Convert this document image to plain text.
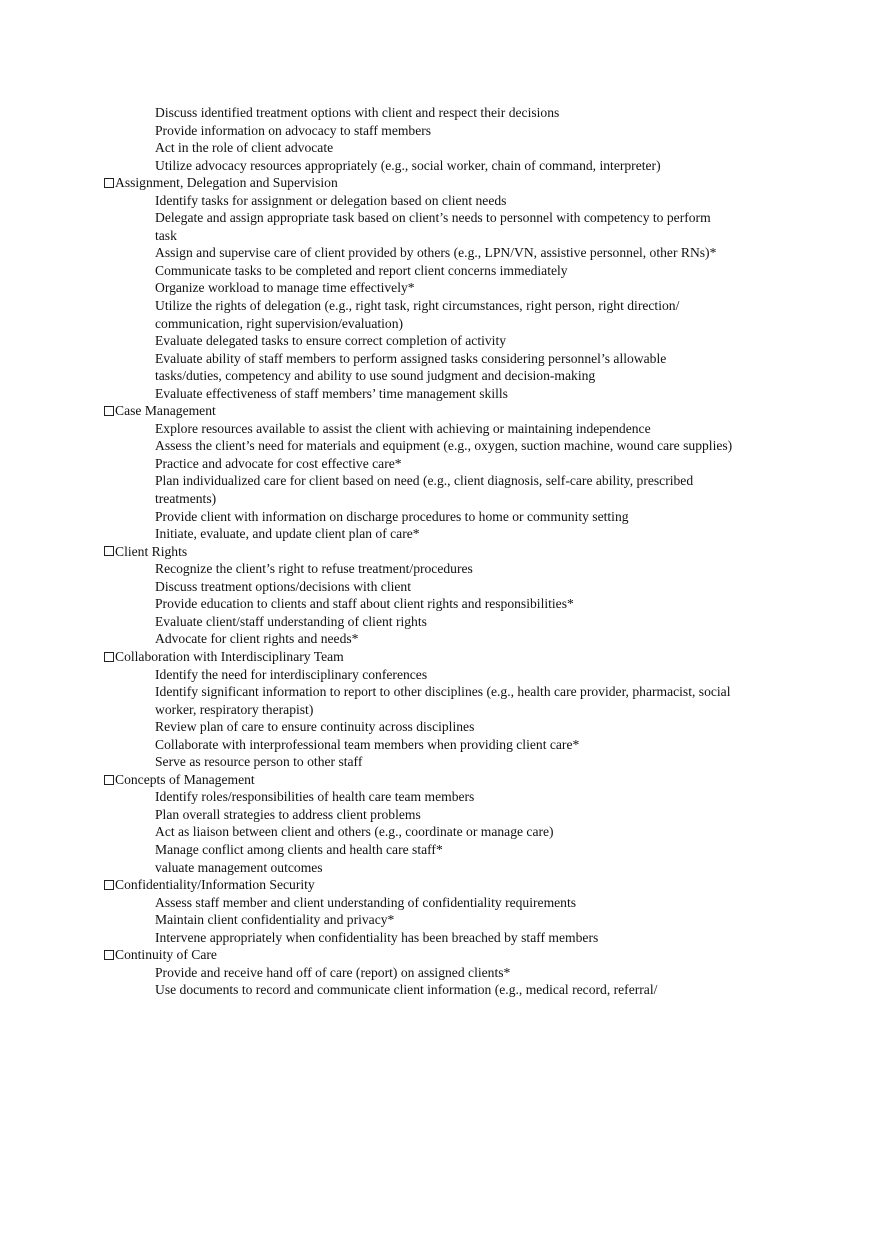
Discuss identified treatment options with client and respect their decisions
Provide information on advocacy to staff members
Act in the role of client advocate
Utilize advocacy resources appropriately (e.g., social worker, chain of command, interpreter)
Assignment, Delegation and Supervision
Identify tasks for assignment or delegation based on client needs
Delegate and assign appropriate task based on client’s needs to personnel with competency to perform task
Assign and supervise care of client provided by others (e.g., LPN/VN, assistive personnel, other RNs)*
Communicate tasks to be completed and report client concerns immediately
Organize workload to manage time effectively*
Utilize the rights of delegation (e.g., right task, right circumstances, right person, right direction/ communication, right supervision/evaluation)
Evaluate delegated tasks to ensure correct completion of activity
Evaluate ability of staff members to perform assigned tasks considering personnel’s allowable tasks/duties, competency and ability to use sound judgment and decision-making
Evaluate effectiveness of staff members’ time management skills
Case Management
Explore resources available to assist the client with achieving or maintaining independence
Assess the client’s need for materials and equipment (e.g., oxygen, suction machine, wound care supplies)
Practice and advocate for cost effective care*
Plan individualized care for client based on need (e.g., client diagnosis, self-care ability, prescribed treatments)
Provide client with information on discharge procedures to home or community setting
Initiate, evaluate, and update client plan of care*
Client Rights
Recognize the client’s right to refuse treatment/procedures
Discuss treatment options/decisions with client
Provide education to clients and staff about client rights and responsibilities*
Evaluate client/staff understanding of client rights
Advocate for client rights and needs*
Collaboration with Interdisciplinary Team
Identify the need for interdisciplinary conferences
Identify significant information to report to other disciplines (e.g., health care provider, pharmacist, social worker, respiratory therapist)
Review plan of care to ensure continuity across disciplines
Collaborate with interprofessional team members when providing client care*
Serve as resource person to other staff
Concepts of Management
Identify roles/responsibilities of health care team members
Plan overall strategies to address client problems
Act as liaison between client and others (e.g., coordinate or manage care)
Manage conflict among clients and health care staff*
valuate management outcomes
Confidentiality/Information Security
Assess staff member and client understanding of confidentiality requirements
Maintain client confidentiality and privacy*
Intervene appropriately when confidentiality has been breached by staff members
Continuity of Care
Provide and receive hand off of care (report) on assigned clients*
Use documents to record and communicate client information (e.g., medical record, referral/
